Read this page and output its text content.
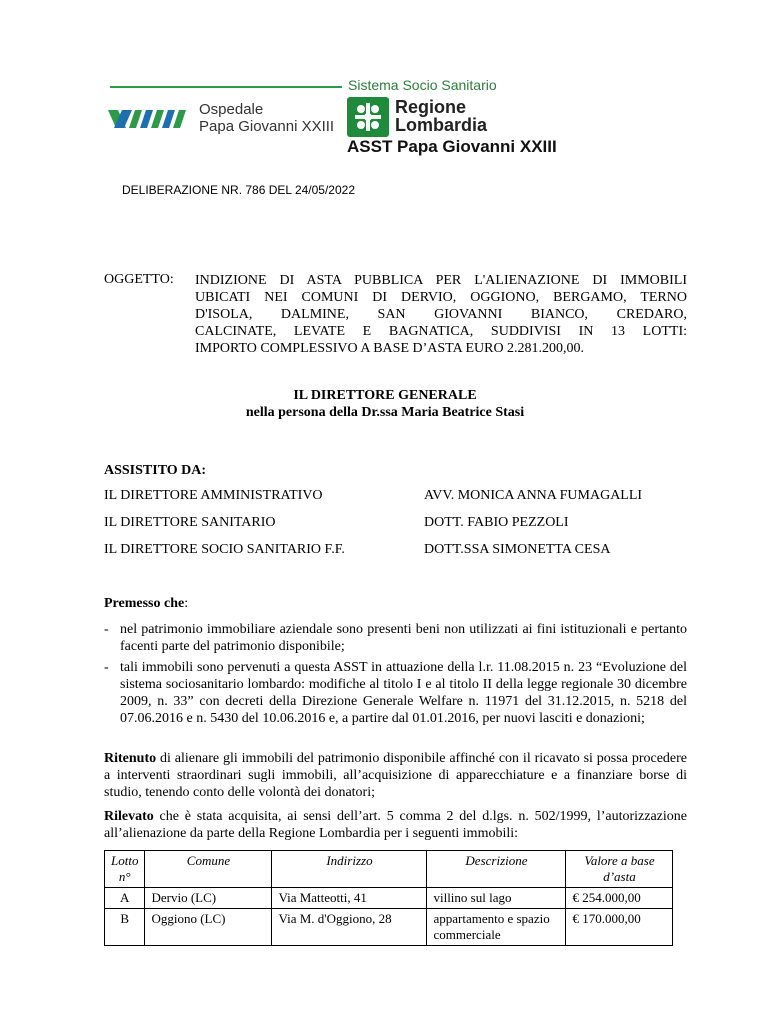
Sistema Socio Sanitario
Ospedale
Papa Giovanni XXIII
Regione
Lombardia
ASST Papa Giovanni XXIII
DELIBERAZIONE NR. 786 DEL 24/05/2022
OGGETTO: INDIZIONE DI ASTA PUBBLICA PER L'ALIENAZIONE DI IMMOBILI
UBICATI NEI COMUNI DI DERVIO, OGGIONO, BERGAMO, TERNO
D'ISOLA, DALMINE, SAN GIOVANNI BIANCO, CREDARO,
CALCINATE, LEVATE E BAGNATICA, SUDDIVISI IN 13 LOTTI:
IMPORTO COMPLESSIVO A BASE D’ASTA EURO 2.281.200,00.
IL DIRETTORE GENERALE
nella persona della Dr.ssa Maria Beatrice Stasi
ASSISTITO DA:
IL DIRETTORE AMMINISTRATIVO	AVV. MONICA ANNA FUMAGALLI
IL DIRETTORE SANITARIO	DOTT. FABIO PEZZOLI
IL DIRETTORE SOCIO SANITARIO F.F.	DOTT.SSA SIMONETTA CESA
Premesso che:
- nel patrimonio immobiliare aziendale sono presenti beni non utilizzati ai fini istituzionali e pertanto facenti parte del patrimonio disponibile;
- tali immobili sono pervenuti a questa ASST in attuazione della l.r. 11.08.2015 n. 23 “Evoluzione del sistema sociosanitario lombardo: modifiche al titolo I e al titolo II della legge regionale 30 dicembre 2009, n. 33” con decreti della Direzione Generale Welfare n. 11971 del 31.12.2015, n. 5218 del 07.06.2016 e n. 5430 del 10.06.2016 e, a partire dal 01.01.2016, per nuovi lasciti e donazioni;
Ritenuto di alienare gli immobili del patrimonio disponibile affinché con il ricavato si possa procedere a interventi straordinari sugli immobili, all’acquisizione di apparecchiature e a finanziare borse di studio, tenendo conto delle volontà dei donatori;
Rilevato che è stata acquisita, ai sensi dell’art. 5 comma 2 del d.lgs. n. 502/1999, l’autorizzazione all’alienazione da parte della Regione Lombardia per i seguenti immobili:
Lotto n°	Comune	Indirizzo	Descrizione	Valore a base d’asta
A	Dervio (LC)	Via Matteotti, 41	villino sul lago	€ 254.000,00
B	Oggiono (LC)	Via M. d'Oggiono, 28	appartamento e spazio commerciale	€ 170.000,00
